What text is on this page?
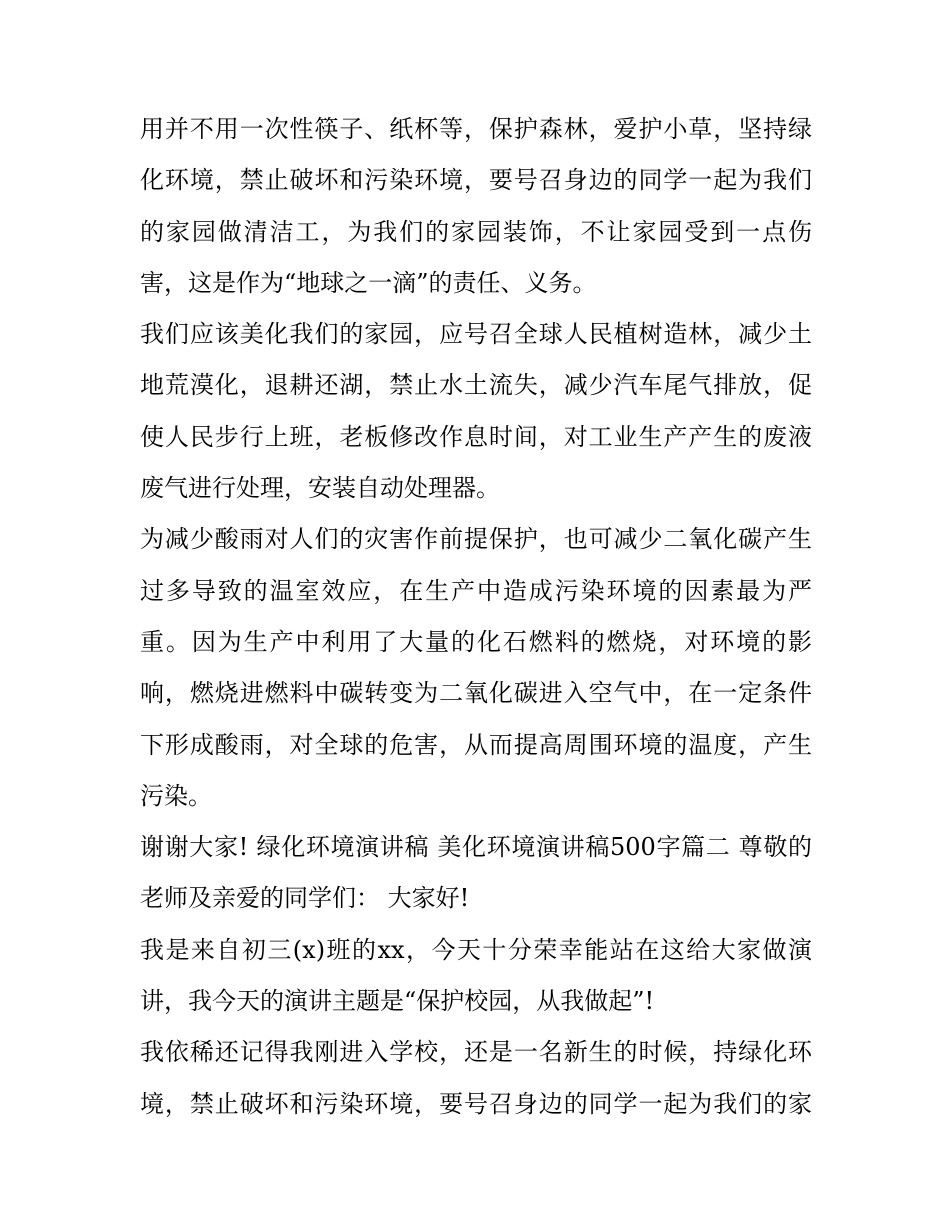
用并不用一次性筷子、纸杯等，保护森林，爱护小草，坚持绿
化环境，禁止破坏和污染环境，要号召身边的同学一起为我们
的家园做清洁工，为我们的家园装饰，不让家园受到一点伤
害，这是作为“地球之一滴”的责任、义务。
我们应该美化我们的家园，应号召全球人民植树造林，减少土
地荒漠化，退耕还湖，禁止水土流失，减少汽车尾气排放，促
使人民步行上班，老板修改作息时间，对工业生产产生的废液
废气进行处理，安装自动处理器。
为减少酸雨对人们的灾害作前提保护，也可减少二氧化碳产生
过多导致的温室效应，在生产中造成污染环境的因素最为严
重。因为生产中利用了大量的化石燃料的燃烧，对环境的影
响，燃烧进燃料中碳转变为二氧化碳进入空气中，在一定条件
下形成酸雨，对全球的危害，从而提高周围环境的温度，产生
污染。
谢谢大家! 绿化环境演讲稿 美化环境演讲稿500字篇二 尊敬的
老师及亲爱的同学们： 大家好!
我是来自初三(x)班的xx，今天十分荣幸能站在这给大家做演
讲，我今天的演讲主题是“保护校园，从我做起”!
我依稀还记得我刚进入学校，还是一名新生的时候，持绿化环
境，禁止破坏和污染环境，要号召身边的同学一起为我们的家
